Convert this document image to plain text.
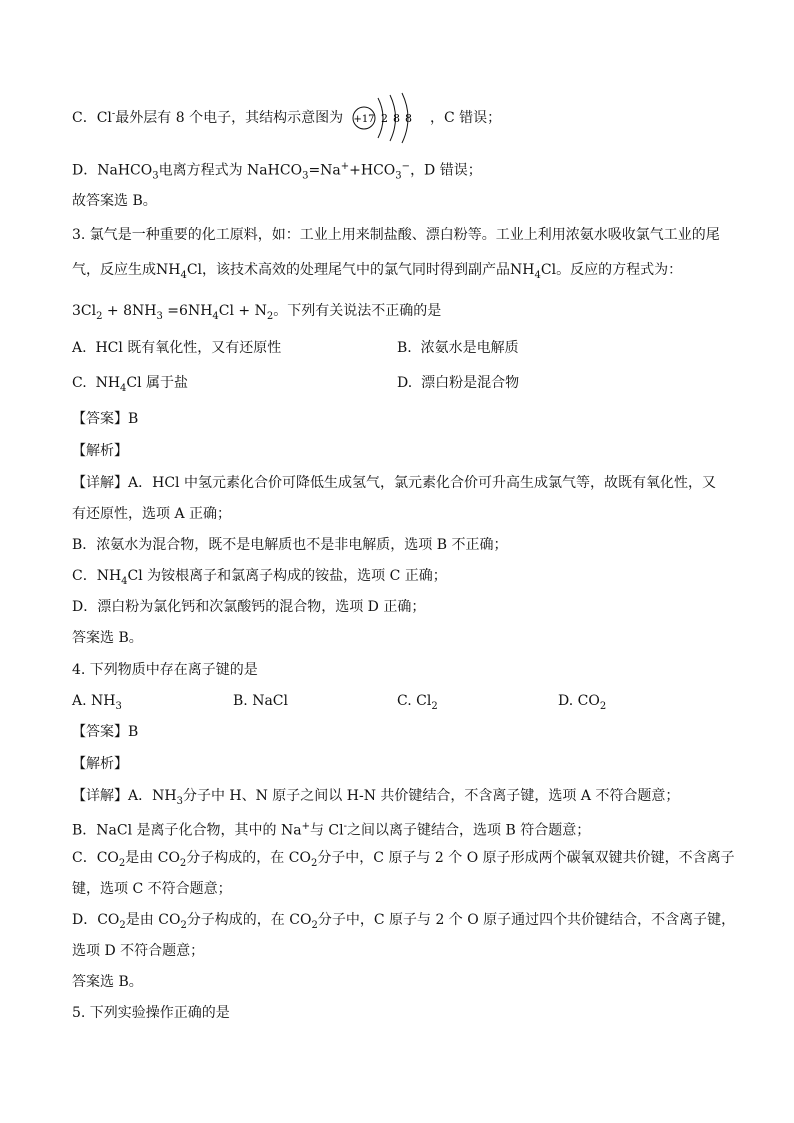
C．Cl-最外层有 8 个电子，其结构示意图为 +17 2 8 8 ，C 错误；
D．NaHCO$_3$电离方程式为 $NaHCO_3=Na^++HCO_3^-$，D 错误；
故答案选 B。
3. 氯气是一种重要的化工原料，如：工业上用来制盐酸、漂白粉等。工业上利用浓氨水吸收氯气工业的尾
气，反应生成$NH_4Cl$，该技术高效的处理尾气中的氯气同时得到副产品$NH_4Cl$。反应的方程式为：
$3Cl_2 + 8NH_3 =6NH_4Cl + N_2$。下列有关说法不正确的是
A.  HCl 既有氧化性，又有还原性	B.  浓氨水是电解质
C.  $NH_4Cl$ 属于盐	D.  漂白粉是混合物
【答案】B
【解析】
【详解】A．HCl 中氢元素化合价可降低生成氢气，氯元素化合价可升高生成氯气等，故既有氧化性，又
有还原性，选项 A 正确；
B．浓氨水为混合物，既不是电解质也不是非电解质，选项 B 不正确；
C．$NH_4Cl$ 为铵根离子和氯离子构成的铵盐，选项 C 正确；
D．漂白粉为氯化钙和次氯酸钙的混合物，选项 D 正确；
答案选 B。
4. 下列物质中存在离子键的是
A. $NH_3$	B. NaCl	C. $Cl_2$	D. $CO_2$
【答案】B
【解析】
【详解】A．$NH_3$分子中 H、N 原子之间以 H-N 共价键结合，不含离子键，选项 A 不符合题意；
B．NaCl 是离子化合物，其中的 Na+与 Cl-之间以离子键结合，选项 B 符合题意；
C．$CO_2$是由 $CO_2$分子构成的，在 $CO_2$分子中，C 原子与 2 个 O 原子形成两个碳氧双键共价键，不含离子
键，选项 C 不符合题意；
D．$CO_2$是由 $CO_2$分子构成的，在 $CO_2$分子中，C 原子与 2 个 O 原子通过四个共价键结合，不含离子键，
选项 D 不符合题意；
答案选 B。
5. 下列实验操作正确的是
